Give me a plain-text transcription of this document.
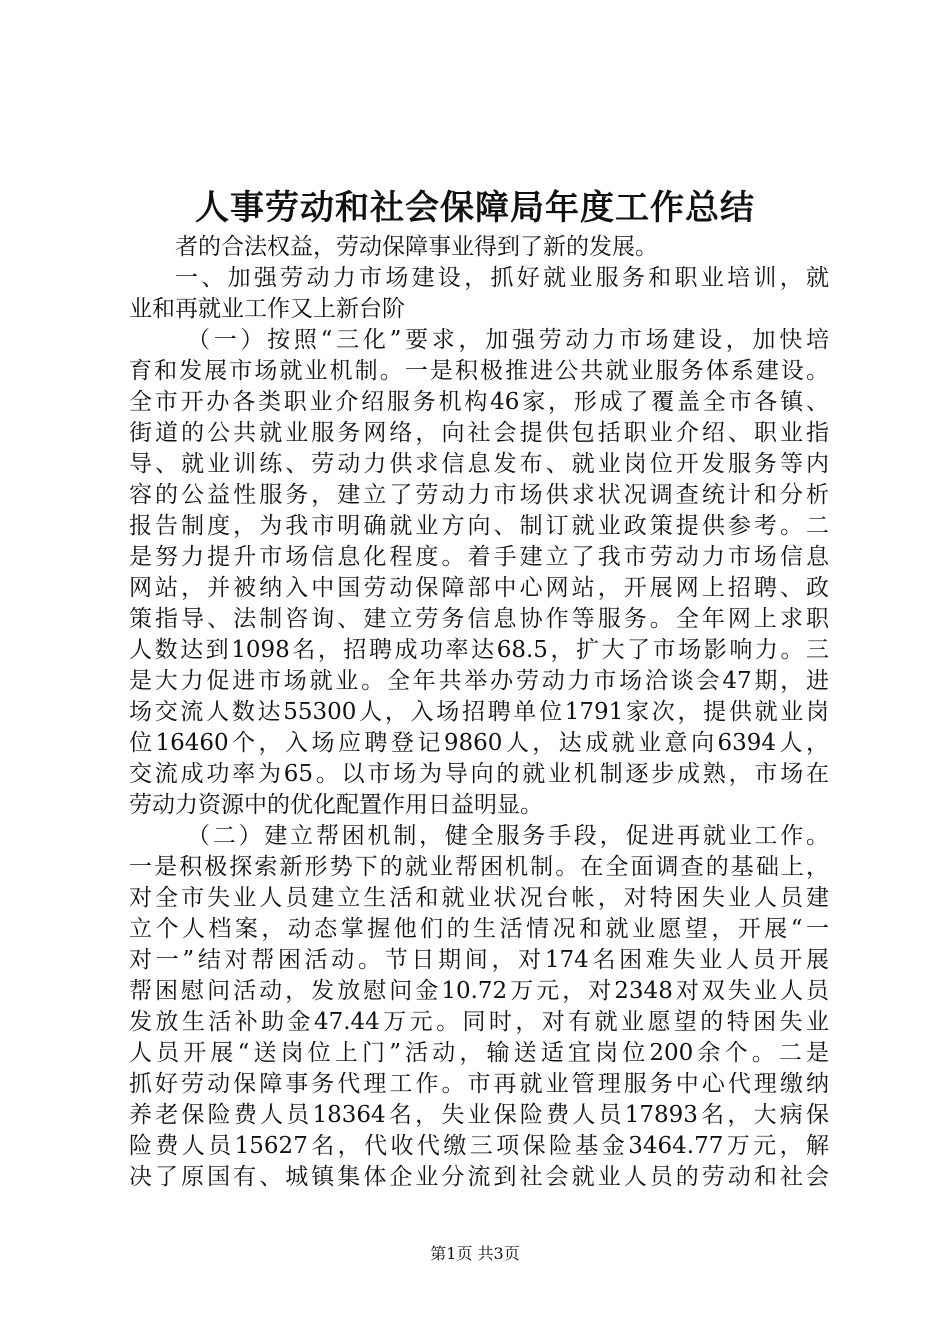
人事劳动和社会保障局年度工作总结
者的合法权益，劳动保障事业得到了新的发展。
一、加强劳动力市场建设，抓好就业服务和职业培训，就
业和再就业工作又上新台阶
（一）按照“三化”要求，加强劳动力市场建设，加快培
育和发展市场就业机制。一是积极推进公共就业服务体系建设。
全市开办各类职业介绍服务机构46家，形成了覆盖全市各镇、
街道的公共就业服务网络，向社会提供包括职业介绍、职业指
导、就业训练、劳动力供求信息发布、就业岗位开发服务等内
容的公益性服务，建立了劳动力市场供求状况调查统计和分析
报告制度，为我市明确就业方向、制订就业政策提供参考。二
是努力提升市场信息化程度。着手建立了我市劳动力市场信息
网站，并被纳入中国劳动保障部中心网站，开展网上招聘、政
策指导、法制咨询、建立劳务信息协作等服务。全年网上求职
人数达到1098名，招聘成功率达68.5，扩大了市场影响力。三
是大力促进市场就业。全年共举办劳动力市场洽谈会47期，进
场交流人数达55300人，入场招聘单位1791家次，提供就业岗
位16460个，入场应聘登记9860人，达成就业意向6394人，
交流成功率为65。以市场为导向的就业机制逐步成熟，市场在
劳动力资源中的优化配置作用日益明显。
（二）建立帮困机制，健全服务手段，促进再就业工作。
一是积极探索新形势下的就业帮困机制。在全面调查的基础上，
对全市失业人员建立生活和就业状况台帐，对特困失业人员建
立个人档案，动态掌握他们的生活情况和就业愿望，开展“一
对一”结对帮困活动。节日期间，对174名困难失业人员开展
帮困慰问活动，发放慰问金10.72万元，对2348对双失业人员
发放生活补助金47.44万元。同时，对有就业愿望的特困失业
人员开展“送岗位上门”活动，输送适宜岗位200余个。二是
抓好劳动保障事务代理工作。市再就业管理服务中心代理缴纳
养老保险费人员18364名，失业保险费人员17893名，大病保
险费人员15627名，代收代缴三项保险基金3464.77万元，解
决了原国有、城镇集体企业分流到社会就业人员的劳动和社会
第1页 共3页
